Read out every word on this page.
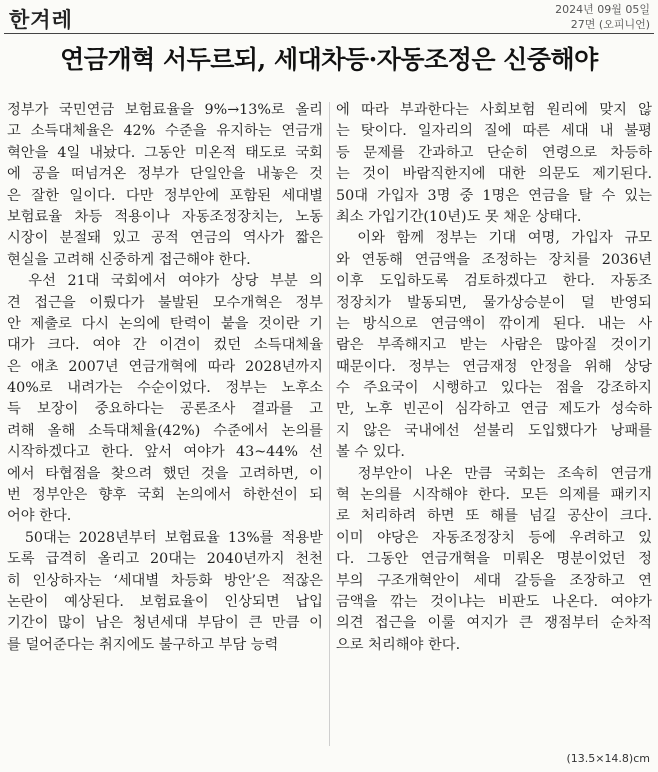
한겨레	2024년 09월 05일
27면 (오피니언)
연금개혁 서두르되, 세대차등·자동조정은 신중해야
정부가 국민연금 보험료율을 9%→13%로 올리
고 소득대체율은 42% 수준을 유지하는 연금개
혁안을 4일 내놨다. 그동안 미온적 태도로 국회
에 공을 떠넘겨온 정부가 단일안을 내놓은 것
은 잘한 일이다. 다만 정부안에 포함된 세대별
보험료율 차등 적용이나 자동조정장치는, 노동
시장이 분절돼 있고 공적 연금의 역사가 짧은
현실을 고려해 신중하게 접근해야 한다.
　우선 21대 국회에서 여야가 상당 부분 의
견 접근을 이뤘다가 불발된 모수개혁은 정부
안 제출로 다시 논의에 탄력이 붙을 것이란 기
대가 크다. 여야 간 이견이 컸던 소득대체율
은 애초 2007년 연금개혁에 따라 2028년까지
40%로 내려가는 수순이었다. 정부는 노후소
득 보장이 중요하다는 공론조사 결과를 고
려해 올해 소득대체율(42%) 수준에서 논의를
시작하겠다고 한다. 앞서 여야가 43~44% 선
에서 타협점을 찾으려 했던 것을 고려하면, 이
번 정부안은 향후 국회 논의에서 하한선이 되
어야 한다.
　50대는 2028년부터 보험료율 13%를 적용받
도록 급격히 올리고 20대는 2040년까지 천천
히 인상하자는 ‘세대별 차등화 방안’은 적잖은
논란이 예상된다. 보험료율이 인상되면 납입
기간이 많이 남은 청년세대 부담이 큰 만큼 이
를 덜어준다는 취지에도 불구하고 부담 능력
에 따라 부과한다는 사회보험 원리에 맞지 않
는 탓이다. 일자리의 질에 따른 세대 내 불평
등 문제를 간과하고 단순히 연령으로 차등하
는 것이 바람직한지에 대한 의문도 제기된다.
50대 가입자 3명 중 1명은 연금을 탈 수 있는
최소 가입기간(10년)도 못 채운 상태다.
　이와 함께 정부는 기대 여명, 가입자 규모
와 연동해 연금액을 조정하는 장치를 2036년
이후 도입하도록 검토하겠다고 한다. 자동조
정장치가 발동되면, 물가상승분이 덜 반영되
는 방식으로 연금액이 깎이게 된다. 내는 사
람은 부족해지고 받는 사람은 많아질 것이기
때문이다. 정부는 연금재정 안정을 위해 상당
수 주요국이 시행하고 있다는 점을 강조하지
만, 노후 빈곤이 심각하고 연금 제도가 성숙하
지 않은 국내에선 섣불리 도입했다가 낭패를
볼 수 있다.
　정부안이 나온 만큼 국회는 조속히 연금개
혁 논의를 시작해야 한다. 모든 의제를 패키지
로 처리하려 하면 또 해를 넘길 공산이 크다.
이미 야당은 자동조정장치 등에 우려하고 있
다. 그동안 연금개혁을 미뤄온 명분이었던 정
부의 구조개혁안이 세대 갈등을 조장하고 연
금액을 깎는 것이냐는 비판도 나온다. 여야가
의견 접근을 이룰 여지가 큰 쟁점부터 순차적
으로 처리해야 한다.
(13.5×14.8)cm
